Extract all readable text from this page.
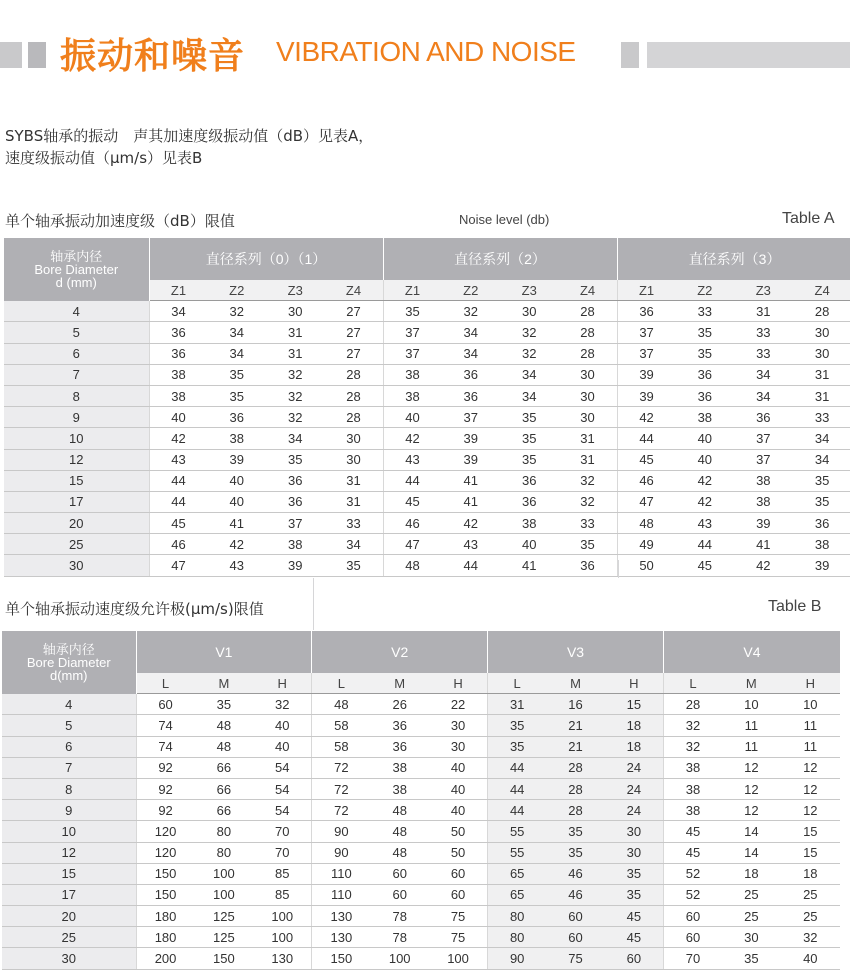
振动和噪音 VIBRATION AND NOISE
SYBS轴承的振动　声其加速度级振动值（dB）见表A，
速度级振动值（μm/s）见表B
单个轴承振动加速度级（dB）限值	Noise level (db)	Table A
轴承内径
Bore Diameter
d (mm)	直径系列（0）（1）				直径系列（2）				直径系列（3）			
	Z1	Z2	Z3	Z4	Z1	Z2	Z3	Z4	Z1	Z2	Z3	Z4
4	34	32	30	27	35	32	30	28	36	33	31	28
5	36	34	31	27	37	34	32	28	37	35	33	30
6	36	34	31	27	37	34	32	28	37	35	33	30
7	38	35	32	28	38	36	34	30	39	36	34	31
8	38	35	32	28	38	36	34	30	39	36	34	31
9	40	36	32	28	40	37	35	30	42	38	36	33
10	42	38	34	30	42	39	35	31	44	40	37	34
12	43	39	35	30	43	39	35	31	45	40	37	34
15	44	40	36	31	44	41	36	32	46	42	38	35
17	44	40	36	31	45	41	36	32	47	42	38	35
20	45	41	37	33	46	42	38	33	48	43	39	36
25	46	42	38	34	47	43	40	35	49	44	41	38
30	47	43	39	35	48	44	41	36	50	45	42	39
单个轴承振动速度级允许极(μm/s)限值	Table B
轴承内径
Bore Diameter
d(mm)	V1			V2			V3			V4		
	L	M	H	L	M	H	L	M	H	L	M	H
4	60	35	32	48	26	22	31	16	15	28	10	10
5	74	48	40	58	36	30	35	21	18	32	11	11
6	74	48	40	58	36	30	35	21	18	32	11	11
7	92	66	54	72	38	40	44	28	24	38	12	12
8	92	66	54	72	38	40	44	28	24	38	12	12
9	92	66	54	72	48	40	44	28	24	38	12	12
10	120	80	70	90	48	50	55	35	30	45	14	15
12	120	80	70	90	48	50	55	35	30	45	14	15
15	150	100	85	110	60	60	65	46	35	52	18	18
17	150	100	85	110	60	60	65	46	35	52	25	25
20	180	125	100	130	78	75	80	60	45	60	25	25
25	180	125	100	130	78	75	80	60	45	60	30	32
30	200	150	130	150	100	100	90	75	60	70	35	40
